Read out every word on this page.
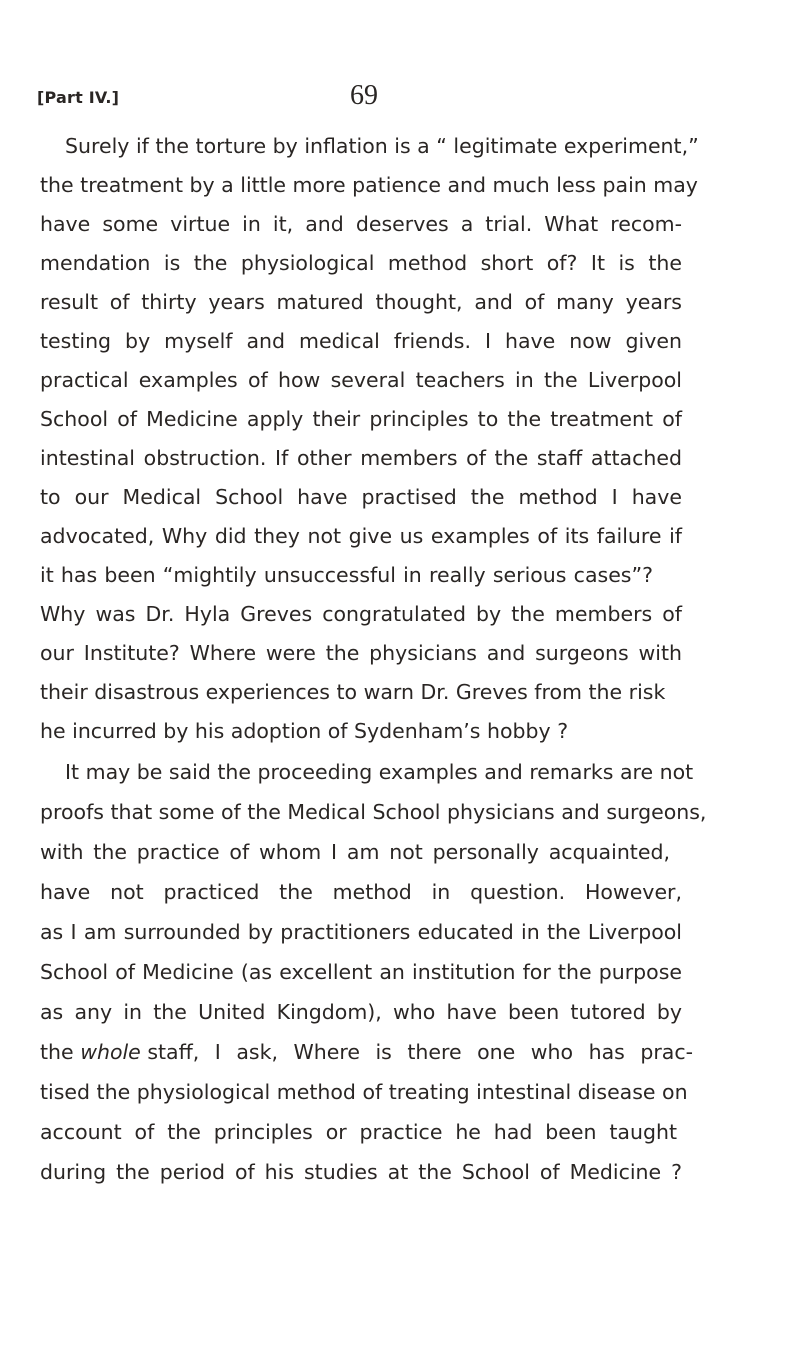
[Part IV.]	69
Surely if the torture by inflation is a “ legitimate experiment,”
the treatment by a little more patience and much less pain may
have some virtue in it, and deserves a trial. What recom-
mendation is the physiological method short of? It is the
result of thirty years matured thought, and of many years
testing by myself and medical friends. I have now given
practical examples of how several teachers in the Liverpool
School of Medicine apply their principles to the treatment of
intestinal obstruction. If other members of the staff attached
to our Medical School have practised the method I have
advocated, Why did they not give us examples of its failure if
it has been “mightily unsuccessful in really serious cases”?
Why was Dr. Hyla Greves congratulated by the members of
our Institute? Where were the physicians and surgeons with
their disastrous experiences to warn Dr. Greves from the risk
he incurred by his adoption of Sydenham’s hobby ?
It may be said the proceeding examples and remarks are not
proofs that some of the Medical School physicians and surgeons,
with the practice of whom I am not personally acquainted,
have not practiced the method in question. However,
as I am surrounded by practitioners educated in the Liverpool
School of Medicine (as excellent an institution for the purpose
as any in the United Kingdom), who have been tutored by
the whole staff, I ask, Where is there one who has prac-
tised the physiological method of treating intestinal disease on
account of the principles or practice he had been taught
during the period of his studies at the School of Medicine ?
